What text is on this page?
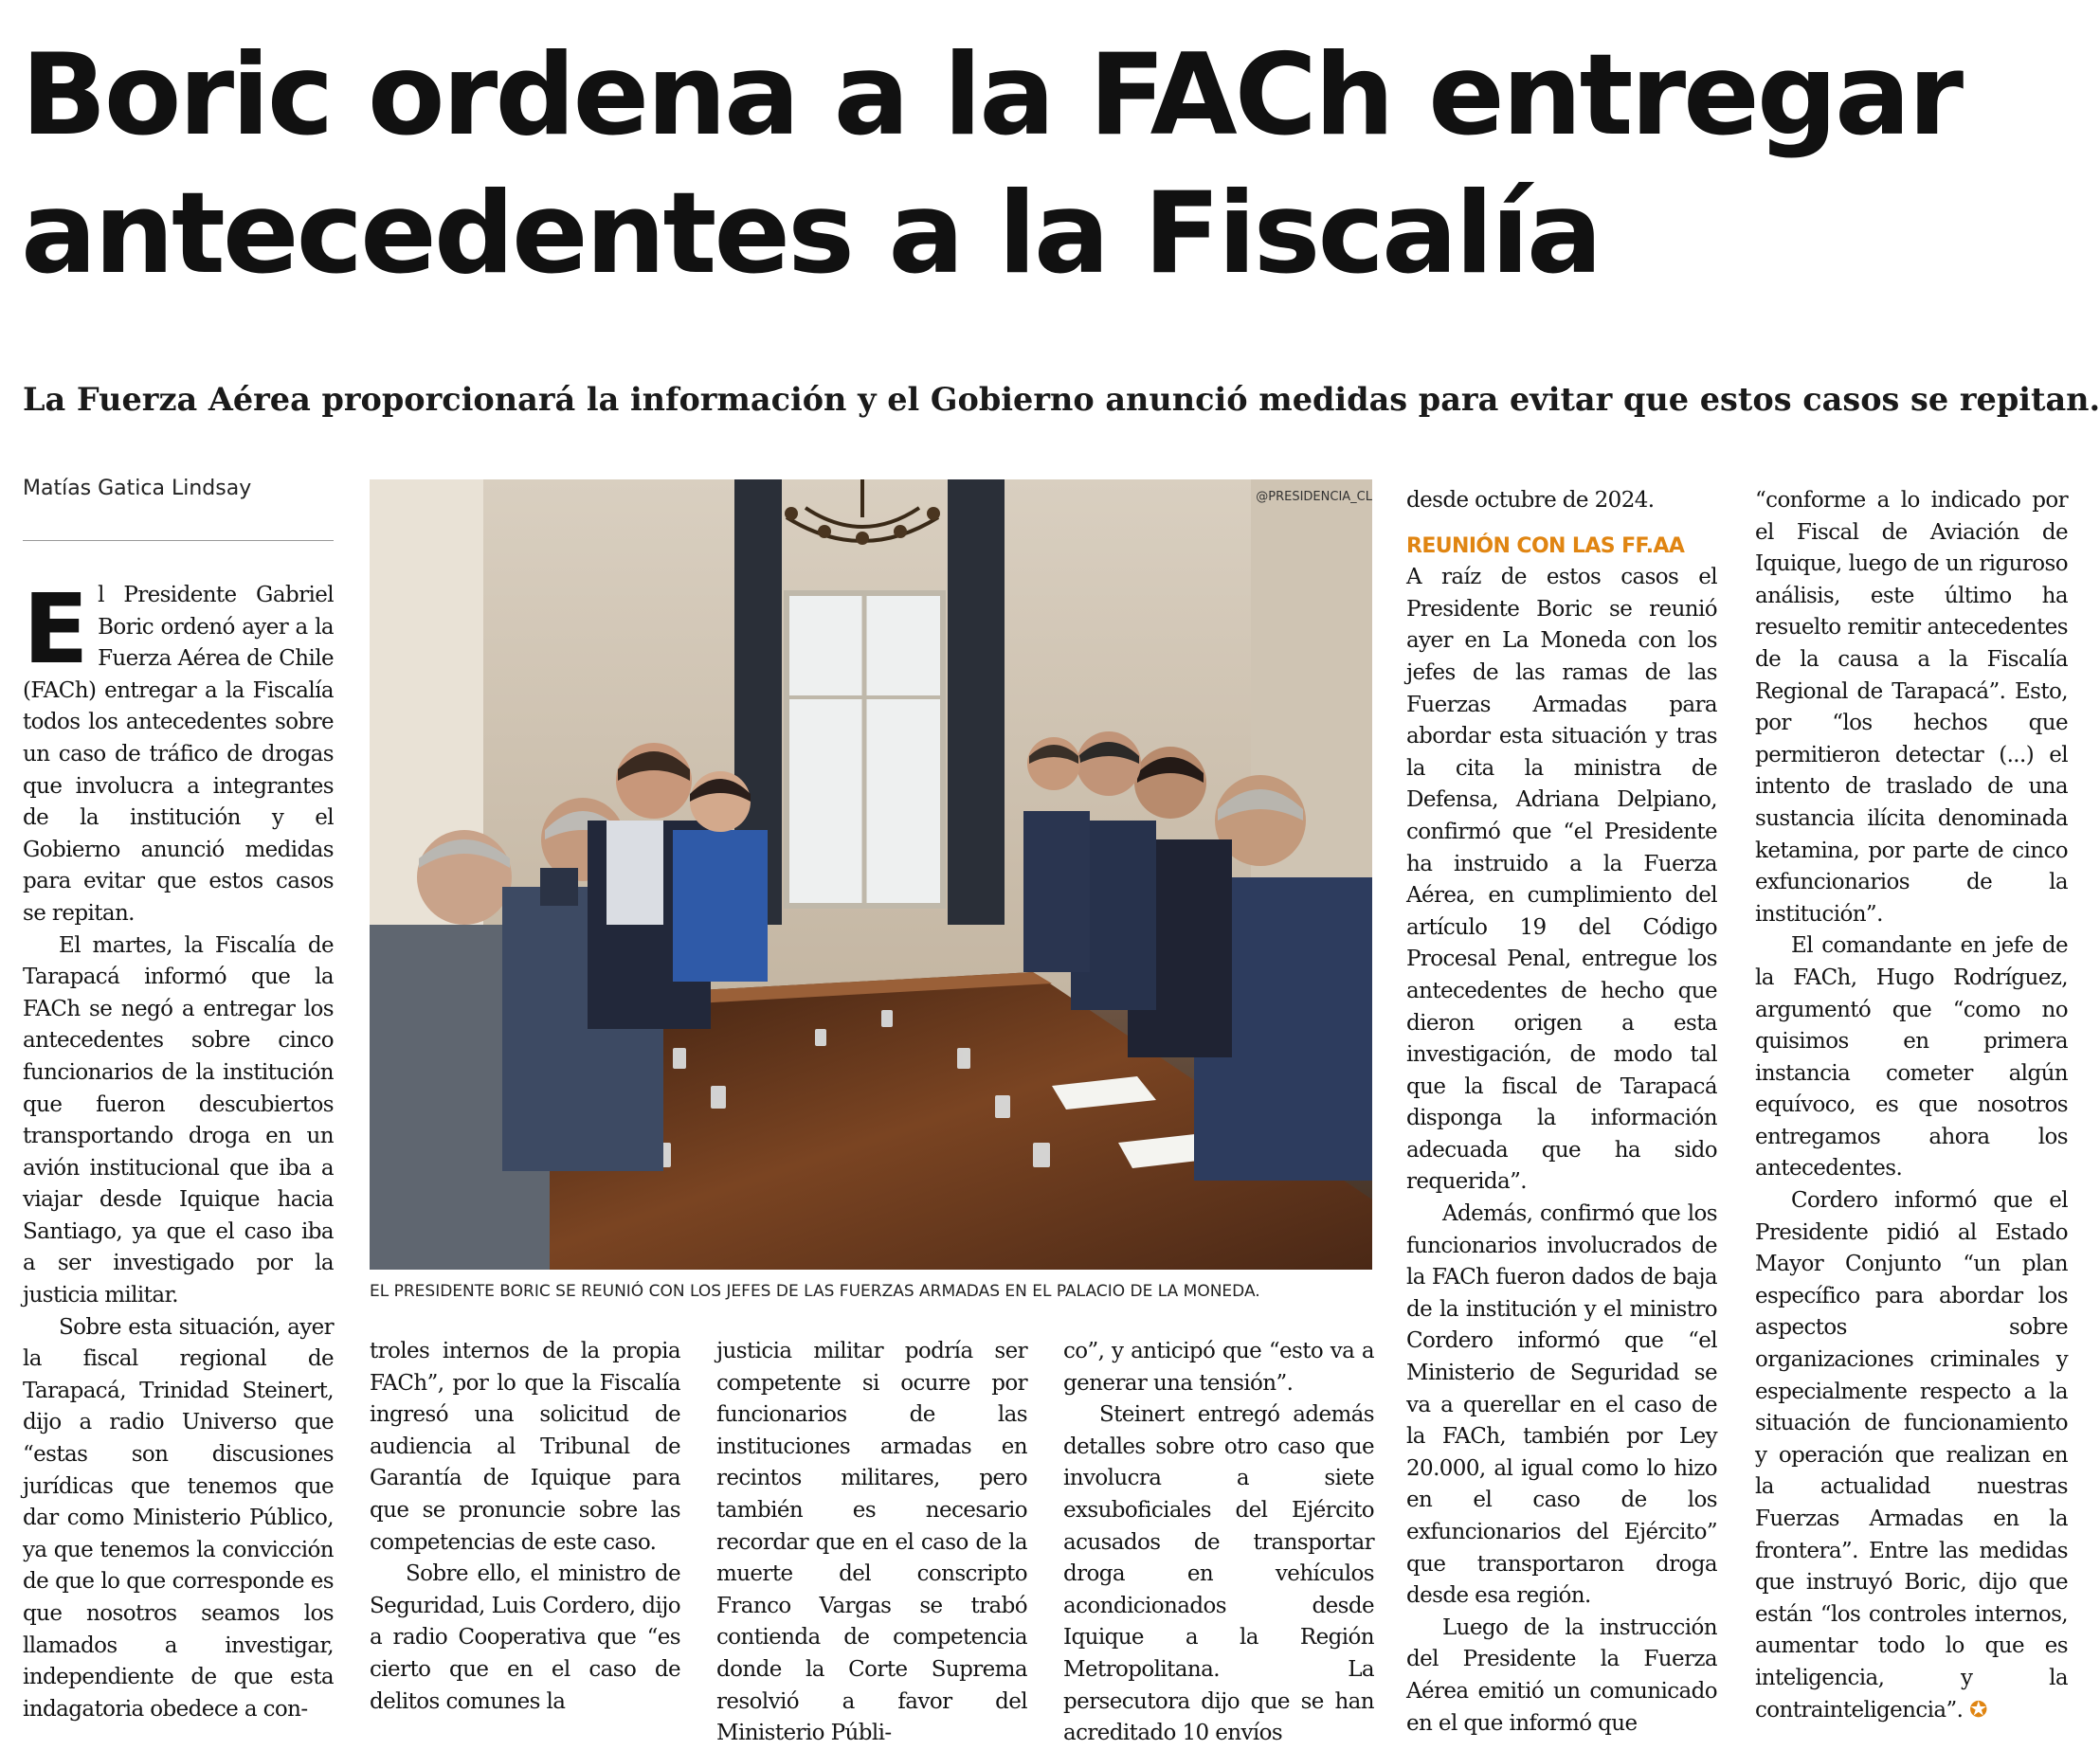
Boric ordena a la FACh entregar antecedentes a la Fiscalía
La Fuerza Aérea proporcionará la información y el Gobierno anunció medidas para evitar que estos casos se repitan.
Matías Gatica Lindsay

El Presidente Gabriel Boric ordenó ayer a la Fuerza Aérea de Chile (FACh) entregar a la Fiscalía todos los antecedentes sobre un caso de tráfico de drogas que involucra a integrantes de la institución y el Gobierno anunció medidas para evitar que estos casos se repitan.

El martes, la Fiscalía de Tarapacá informó que la FACh se negó a entregar los antecedentes sobre cinco funcionarios de la institución que fueron descubiertos transportando droga en un avión institucional que iba a viajar desde Iquique hacia Santiago, ya que el caso iba a ser investigado por la justicia militar.

Sobre esta situación, ayer la fiscal regional de Tarapacá, Trinidad Steinert, dijo a radio Universo que “estas son discusiones jurídicas que tenemos que dar como Ministerio Público, ya que tenemos la convicción de que lo que corresponde es que nosotros seamos los llamados a investigar, independiente de que esta indagatoria obedece a con-

@PRESIDENCIA_CL
EL PRESIDENTE BORIC SE REUNIÓ CON LOS JEFES DE LAS FUERZAS ARMADAS EN EL PALACIO DE LA MONEDA.

troles internos de la propia FACh”, por lo que la Fiscalía ingresó una solicitud de audiencia al Tribunal de Garantía de Iquique para que se pronuncie sobre las competencias de este caso.

Sobre ello, el ministro de Seguridad, Luis Cordero, dijo a radio Cooperativa que “es cierto que en el caso de delitos comunes la

justicia militar podría ser competente si ocurre por funcionarios de las instituciones armadas en recintos militares, pero también es necesario recordar que en el caso de la muerte del conscripto Franco Vargas se trabó contienda de competencia donde la Corte Suprema resolvió a favor del Ministerio Públi-

co”, y anticipó que “esto va a generar una tensión”.

Steinert entregó además detalles sobre otro caso que involucra a siete exsuboficiales del Ejército acusados de transportar droga en vehículos acondicionados desde Iquique a la Región Metropolitana. La persecutora dijo que se han acreditado 10 envíos

desde octubre de 2024.

REUNIÓN CON LAS FF.AA

A raíz de estos casos el Presidente Boric se reunió ayer en La Moneda con los jefes de las ramas de las Fuerzas Armadas para abordar esta situación y tras la cita la ministra de Defensa, Adriana Delpiano, confirmó que “el Presidente ha instruido a la Fuerza Aérea, en cumplimiento del artículo 19 del Código Procesal Penal, entregue los antecedentes de hecho que dieron origen a esta investigación, de modo tal que la fiscal de Tarapacá disponga la información adecuada que ha sido requerida”.

Además, confirmó que los funcionarios involucrados de la FACh fueron dados de baja de la institución y el ministro Cordero informó que “el Ministerio de Seguridad se va a querellar en el caso de la FACh, también por Ley 20.000, al igual como lo hizo en el caso de los exfuncionarios del Ejército” que transportaron droga desde esa región.

Luego de la instrucción del Presidente la Fuerza Aérea emitió un comunicado en el que informó que

“conforme a lo indicado por el Fiscal de Aviación de Iquique, luego de un riguroso análisis, este último ha resuelto remitir antecedentes de la causa a la Fiscalía Regional de Tarapacá”. Esto, por “los hechos que permitieron detectar (...) el intento de traslado de una sustancia ilícita denominada ketamina, por parte de cinco exfuncionarios de la institución”.

El comandante en jefe de la FACh, Hugo Rodríguez, argumentó que “como no quisimos en primera instancia cometer algún equívoco, es que nosotros entregamos ahora los antecedentes.

Cordero informó que el Presidente pidió al Estado Mayor Conjunto “un plan específico para abordar los aspectos sobre organizaciones criminales y especialmente respecto a la situación de funcionamiento y operación que realizan en la actualidad nuestras Fuerzas Armadas en la frontera”. Entre las medidas que instruyó Boric, dijo que están “los controles internos, aumentar todo lo que es inteligencia, y la contrainteligencia”. ✪
